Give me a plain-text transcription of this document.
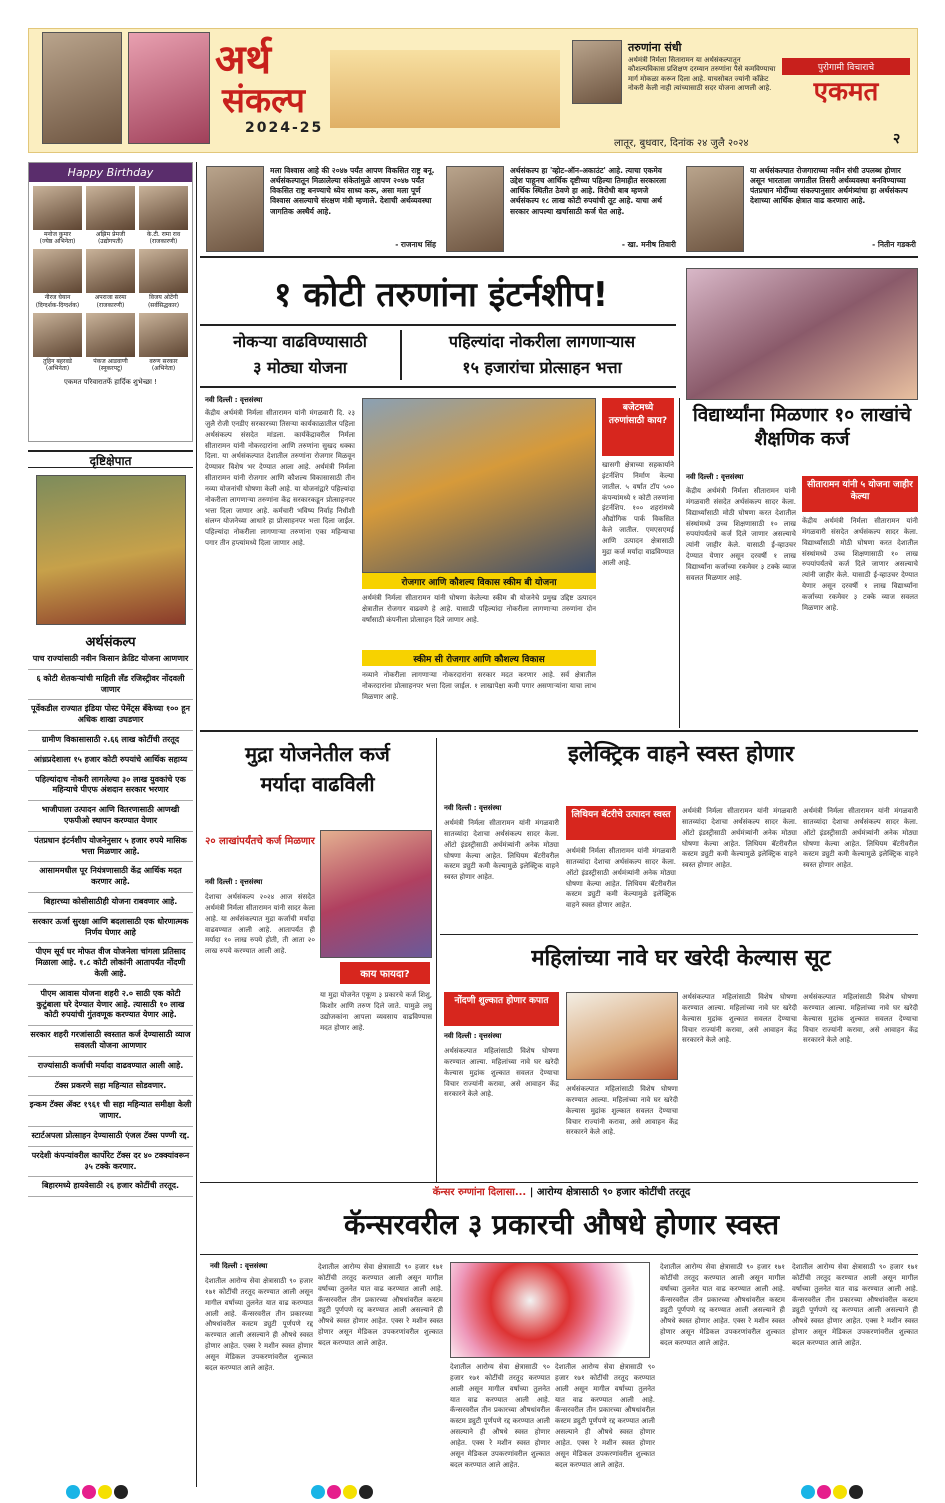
अर्थ
संकल्प
2024-25
तरुणांना संधी
अर्थमंत्री निर्मला सितारामन या अर्थसंकल्पातून कौशल्यविकास प्रशिक्षण दरम्यान तरुणांना पैसे कमविण्याचा मार्ग मोकळा करून दिला आहे. याचसोबत ज्यांनी काँक्रेट नोकरी केली नाही त्यांच्यासाठी सदर योजना आणली आहे.
पुरोगामी विचाराचे
एकमत
लातूर, बुधवार, दिनांक २४ जुलै २०२४	२
Happy Birthday
मनोज कुमार
(ज्येष्ठ अभिनेता)
अझिम प्रेमजी
(उद्योगपती)
के.टी. रामा राव
(राजकारणी)
नीरज घेयान
(दिग्दर्शक-दिग्दर्शक)
अपराजा सरमा
(राजकारणी)
विजय ओटेंगी
(सर्वसिद्धकार)
तुहिन बहरवडे
(अभिनेता)
पंकज आडवाणी
(स्नूकरपटू)
वरुण सरकार
(अभिनेता)
एकमत परिवारातर्फे हार्दिक शुभेच्छा !
दृष्टिक्षेपात
अर्थसंकल्प
पाच राज्यांसाठी नवीन किसान क्रेडिट योजना आणणार
६ कोटी शेतकऱ्यांची माहिती लँड रजिस्ट्रीवर नोंदवली जाणार
पूर्वेकडील राज्यात इंडिया पोस्ट पेमेंट्स बँकेच्या १०० हून अधिक शाखा उघडणार
ग्रामीण विकासासाठी २.६६ लाख कोटींची तरतूद
आंध्रप्रदेशाला १५ हजार कोटी रुपयांचे आर्थिक सहाय्य
पहिल्यांदाच नोकरी लागलेल्या ३० लाख युवकांचे एक महिन्याचे पीएफ अंशदान सरकार भरणार
भाजीपाला उत्पादन आणि वितरणासाठी आणखी एफपीओ स्थापन करण्यात येणार
पंतप्रधान इंटर्नशीप योजनेनुसार ५ हजार रुपये मासिक भत्ता मिळणार आहे.
आसाममधील पूर नियंत्रणासाठी केंद्र आर्थिक मदत करणार आहे.
बिहारच्या कोसीसाठीही योजना राबवणार आहे.
सरकार ऊर्जा सुरक्षा आणि बदलासाठी एक धोरणात्मक निर्णय घेणार आहे
पीएम सूर्य घर मोफत वीज योजनेला चांगला प्रतिसाद मिळाला आहे. १.८ कोटी लोकांनी आतापर्यंत नोंदणी केली आहे.
पीएम आवास योजना शहरी २.० साठी एक कोटी कुटुंबाला घरे देण्यात येणार आहे. त्यासाठी १० लाख कोटी रुपयांची गुंतवणूक करण्यात येणार आहे.
सरकार शहरी गरजांसाठी स्वस्तात कर्ज देण्यासाठी व्याज सवलती योजना आणणार
राज्यांसाठी कर्जाची मर्यादा वाढवण्यात आली आहे.
टॅक्स प्रकरणे सहा महिन्यात सोडवणार.
इन्कम टॅक्स ॲक्ट १९६१ ची सहा महिन्यात समीक्षा केली जाणार.
स्टार्टअपला प्रोत्साहन देण्यासाठी एंजल टॅक्स पण्णी रद्द.
परदेशी कंपन्यांवरील कार्पोरेट टॅक्स दर ४० टक्क्यांवरून ३५ टक्के करणार.
बिहारमध्ये हायवेसाठी २६ हजार कोटींची तरतूद.
मला विश्वास आहे की २०४७ पर्यंत आपण विकसित राष्ट्र बनू. अर्थसंकल्पातून मिळालेल्या संकेतांमुळे आपण २०४७ पर्यंत विकसित राष्ट्र बनण्याचे ध्येय साध्य करू, असा मला पूर्ण विश्वास असल्याचे संरक्षण मंत्री म्हणाले. देशाची अर्थव्यवस्था जागतिक अस्थैर्य आहे.
- राजनाथ सिंह
अर्थसंकल्प हा 'व्होट-ऑन-अकाउंट' आहे. त्याचा एकमेव उद्देश पाहूनच आर्थिक दृष्टीच्या पहिल्या तिमाहीत सरकारला आर्थिक स्थितीत ठेवणे हा आहे. विरोधी बाब म्हणजे अर्थसंकल्प १८ लाख कोटी रुपयांची तूट आहे. याचा अर्थ सरकार आपल्या खर्चासाठी कर्ज घेत आहे.
- खा. मनीष तिवारी
या अर्थसंकल्पात रोजगाराच्या नवीन संधी उपलब्ध होणार असून भारताला जगातील तिसरी अर्थव्यवस्था बनविण्याच्या पंतप्रधान मोदींच्या संकल्पानुसार अर्थमंत्र्यांचा हा अर्थसंकल्प देशाच्या आर्थिक क्षेत्रात वाढ करणारा आहे.
- नितीन गडकरी
१ कोटी तरुणांना इंटर्नशीप!
नोकऱ्या वाढविण्यासाठी
३ मोठ्या योजना
पहिल्यांदा नोकरीला लागणाऱ्यास
१५ हजारांचा प्रोत्साहन भत्ता
नवी दिल्ली : वृत्तसंस्था
केंद्रीय अर्थमंत्री निर्मला सीतारामन यांनी मंगळवारी दि. २३ जुलै रोजी एनडीए सरकारच्या तिसऱ्या कार्यकाळातील पहिला अर्थसंकल्प संसदेत मांडला. कार्यकेंद्रावरील निर्मला सीतारामन यांनी नोकरदारांना आणि तरुणांना सुखद धक्का दिला. या अर्थसंकल्पात देशातील तरुणांना रोजगार मिळवून देण्यावर विशेष भर देण्यात आला आहे. अर्थमंत्री निर्मला सीतारामन यांनी रोजगार आणि कौशल्य विकासासाठी तीन नव्या योजनांची घोषणा केली आहे. या योजनांद्वारे पहिल्यांदा नोकरीला लागणाऱ्या तरुणांना केंद्र सरकारकडून प्रोत्साहनपर भत्ता दिला जाणार आहे. कर्मचारी भविष्य निर्वाह निधीशी संलग्न योजनेच्या आधारे हा प्रोत्साहनपर भत्ता दिला जाईल. पहिल्यांदा नोकरीला लागणाऱ्या तरुणांना एका महिन्याचा पगार तीन हप्त्यांमध्ये दिला जाणार आहे.
रोजगार आणि कौशल्य विकास स्कीम बी योजना
अर्थमंत्री निर्मला सीतारामन यांनी घोषणा केलेल्या स्कीम बी योजनेचे प्रमुख उद्दिष्ट उत्पादन क्षेत्रातील रोजगार वाढवणे हे आहे. यासाठी पहिल्यांदा नोकरीला लागणाऱ्या तरुणांना दोन वर्षांसाठी कंपनीला प्रोत्साहन दिले जाणार आहे.
स्कीम सी रोजगार आणि कौशल्य विकास
नव्याने नोकरीला लागणाऱ्या नोकरदारांना सरकार मदत करणार आहे. सर्व क्षेत्रातील नोकरदारांना प्रोत्साहनपर भत्ता दिला जाईल. १ लाखापेक्षा कमी पगार असणाऱ्यांना याचा लाभ मिळणार आहे.
बजेटमध्ये तरुणांसाठी काय?
खासगी क्षेत्राच्या सहकार्याने इंटर्नशिप निर्माण केल्या जातील. ५ वर्षांत टॉप ५०० कंपन्यांमध्ये १ कोटी तरुणांना इंटर्नशिप. १०० शहरांमध्ये औद्योगिक पार्क विकसित केले जातील. एमएसएमई आणि उत्पादन क्षेत्रासाठी मुद्रा कर्ज मर्यादा वाढविण्यात आली आहे.
विद्यार्थ्यांना मिळणार १० लाखांचे शैक्षणिक कर्ज
नवी दिल्ली : वृत्तसंस्था
सीतारामन यांनी ५ योजना जाहीर केल्या
केंद्रीय अर्थमंत्री निर्मला सीतारामन यांनी मंगळवारी संसदेत अर्थसंकल्प सादर केला. विद्यार्थ्यांसाठी मोठी घोषणा करत देशातील संस्थांमध्ये उच्च शिक्षणासाठी १० लाख रुपयांपर्यंतचे कर्ज दिले जाणार असल्याचे त्यांनी जाहीर केले. यासाठी ई-व्हाउचर देण्यात येणार असून दरवर्षी १ लाख विद्यार्थ्यांना कर्जाच्या रकमेवर ३ टक्के व्याज सवलत मिळणार आहे.
केंद्रीय अर्थमंत्री निर्मला सीतारामन यांनी मंगळवारी संसदेत अर्थसंकल्प सादर केला. विद्यार्थ्यांसाठी मोठी घोषणा करत देशातील संस्थांमध्ये उच्च शिक्षणासाठी १० लाख रुपयांपर्यंतचे कर्ज दिले जाणार असल्याचे त्यांनी जाहीर केले. यासाठी ई-व्हाउचर देण्यात येणार असून दरवर्षी १ लाख विद्यार्थ्यांना कर्जाच्या रकमेवर ३ टक्के व्याज सवलत मिळणार आहे.
मुद्रा योजनेतील कर्ज
मर्यादा वाढविली
२० लाखांपर्यंतचे कर्ज मिळणार
नवी दिल्ली : वृत्तसंस्था
देशाचा अर्थसंकल्प २०२४ आज संसदेत अर्थमंत्री निर्मला सीतारामन यांनी सादर केला आहे. या अर्थसंकल्पात मुद्रा कर्जाची मर्यादा वाढवण्यात आली आहे. आतापर्यंत ही मर्यादा १० लाख रुपये होती, ती आता २० लाख रुपये करण्यात आली आहे.
काय फायदा?
या मुद्रा योजनेत एकूण ३ प्रकारचे कर्ज शिशु, किशोर आणि तरुण दिले जाते. यामुळे लघु उद्योजकांना आपला व्यवसाय वाढविण्यास मदत होणार आहे.
इलेक्ट्रिक वाहने स्वस्त होणार
नवी दिल्ली : वृत्तसंस्था
अर्थमंत्री निर्मला सीतारामन यांनी मंगळवारी सातव्यांदा देशाचा अर्थसंकल्प सादर केला. ऑटो इंडस्ट्रीसाठी अर्थमंत्र्यांनी अनेक मोठ्या घोषणा केल्या आहेत. लिथियम बॅटरीवरील कस्टम ड्युटी कमी केल्यामुळे इलेक्ट्रिक वाहने स्वस्त होणार आहेत.
लिथियन बॅटरीचे उत्पादन स्वस्त
अर्थमंत्री निर्मला सीतारामन यांनी मंगळवारी सातव्यांदा देशाचा अर्थसंकल्प सादर केला. ऑटो इंडस्ट्रीसाठी अर्थमंत्र्यांनी अनेक मोठ्या घोषणा केल्या आहेत. लिथियम बॅटरीवरील कस्टम ड्युटी कमी केल्यामुळे इलेक्ट्रिक वाहने स्वस्त होणार आहेत.
अर्थमंत्री निर्मला सीतारामन यांनी मंगळवारी सातव्यांदा देशाचा अर्थसंकल्प सादर केला. ऑटो इंडस्ट्रीसाठी अर्थमंत्र्यांनी अनेक मोठ्या घोषणा केल्या आहेत. लिथियम बॅटरीवरील कस्टम ड्युटी कमी केल्यामुळे इलेक्ट्रिक वाहने स्वस्त होणार आहेत.
अर्थमंत्री निर्मला सीतारामन यांनी मंगळवारी सातव्यांदा देशाचा अर्थसंकल्प सादर केला. ऑटो इंडस्ट्रीसाठी अर्थमंत्र्यांनी अनेक मोठ्या घोषणा केल्या आहेत. लिथियम बॅटरीवरील कस्टम ड्युटी कमी केल्यामुळे इलेक्ट्रिक वाहने स्वस्त होणार आहेत.
महिलांच्या नावे घर खरेदी केल्यास सूट
नोंदणी शुल्कात होणार कपात
नवी दिल्ली : वृत्तसंस्था
अर्थसंकल्पात महिलांसाठी विशेष घोषणा करण्यात आल्या. महिलांच्या नावे घर खरेदी केल्यास मुद्रांक शुल्कात सवलत देण्याचा विचार राज्यांनी करावा, असे आवाहन केंद्र सरकारने केले आहे.
अर्थसंकल्पात महिलांसाठी विशेष घोषणा करण्यात आल्या. महिलांच्या नावे घर खरेदी केल्यास मुद्रांक शुल्कात सवलत देण्याचा विचार राज्यांनी करावा, असे आवाहन केंद्र सरकारने केले आहे.
अर्थसंकल्पात महिलांसाठी विशेष घोषणा करण्यात आल्या. महिलांच्या नावे घर खरेदी केल्यास मुद्रांक शुल्कात सवलत देण्याचा विचार राज्यांनी करावा, असे आवाहन केंद्र सरकारने केले आहे.
अर्थसंकल्पात महिलांसाठी विशेष घोषणा करण्यात आल्या. महिलांच्या नावे घर खरेदी केल्यास मुद्रांक शुल्कात सवलत देण्याचा विचार राज्यांनी करावा, असे आवाहन केंद्र सरकारने केले आहे.
कॅन्सर रुग्णांना दिलासा... | आरोग्य क्षेत्रासाठी ९० हजार कोटींची तरतूद
कॅन्सरवरील ३ प्रकारची औषधे होणार स्वस्त
नवी दिल्ली : वृत्तसंस्था
देशातील आरोग्य सेवा क्षेत्रासाठी ९० हजार १७१ कोटींची तरतूद करण्यात आली असून मागील वर्षाच्या तुलनेत यात वाढ करण्यात आली आहे. कॅन्सरवरील तीन प्रकारच्या औषधांवरील कस्टम ड्युटी पूर्णपणे रद्द करण्यात आली असल्याने ही औषधे स्वस्त होणार आहेत. एक्स रे मशीन स्वस्त होणार असून मेडिकल उपकरणांवरील शुल्कात बदल करण्यात आले आहेत.
देशातील आरोग्य सेवा क्षेत्रासाठी ९० हजार १७१ कोटींची तरतूद करण्यात आली असून मागील वर्षाच्या तुलनेत यात वाढ करण्यात आली आहे. कॅन्सरवरील तीन प्रकारच्या औषधांवरील कस्टम ड्युटी पूर्णपणे रद्द करण्यात आली असल्याने ही औषधे स्वस्त होणार आहेत. एक्स रे मशीन स्वस्त होणार असून मेडिकल उपकरणांवरील शुल्कात बदल करण्यात आले आहेत.
देशातील आरोग्य सेवा क्षेत्रासाठी ९० हजार १७१ कोटींची तरतूद करण्यात आली असून मागील वर्षाच्या तुलनेत यात वाढ करण्यात आली आहे. कॅन्सरवरील तीन प्रकारच्या औषधांवरील कस्टम ड्युटी पूर्णपणे रद्द करण्यात आली असल्याने ही औषधे स्वस्त होणार आहेत. एक्स रे मशीन स्वस्त होणार असून मेडिकल उपकरणांवरील शुल्कात बदल करण्यात आले आहेत.
देशातील आरोग्य सेवा क्षेत्रासाठी ९० हजार १७१ कोटींची तरतूद करण्यात आली असून मागील वर्षाच्या तुलनेत यात वाढ करण्यात आली आहे. कॅन्सरवरील तीन प्रकारच्या औषधांवरील कस्टम ड्युटी पूर्णपणे रद्द करण्यात आली असल्याने ही औषधे स्वस्त होणार आहेत. एक्स रे मशीन स्वस्त होणार असून मेडिकल उपकरणांवरील शुल्कात बदल करण्यात आले आहेत.
देशातील आरोग्य सेवा क्षेत्रासाठी ९० हजार १७१ कोटींची तरतूद करण्यात आली असून मागील वर्षाच्या तुलनेत यात वाढ करण्यात आली आहे. कॅन्सरवरील तीन प्रकारच्या औषधांवरील कस्टम ड्युटी पूर्णपणे रद्द करण्यात आली असल्याने ही औषधे स्वस्त होणार आहेत. एक्स रे मशीन स्वस्त होणार असून मेडिकल उपकरणांवरील शुल्कात बदल करण्यात आले आहेत.
देशातील आरोग्य सेवा क्षेत्रासाठी ९० हजार १७१ कोटींची तरतूद करण्यात आली असून मागील वर्षाच्या तुलनेत यात वाढ करण्यात आली आहे. कॅन्सरवरील तीन प्रकारच्या औषधांवरील कस्टम ड्युटी पूर्णपणे रद्द करण्यात आली असल्याने ही औषधे स्वस्त होणार आहेत. एक्स रे मशीन स्वस्त होणार असून मेडिकल उपकरणांवरील शुल्कात बदल करण्यात आले आहेत.
